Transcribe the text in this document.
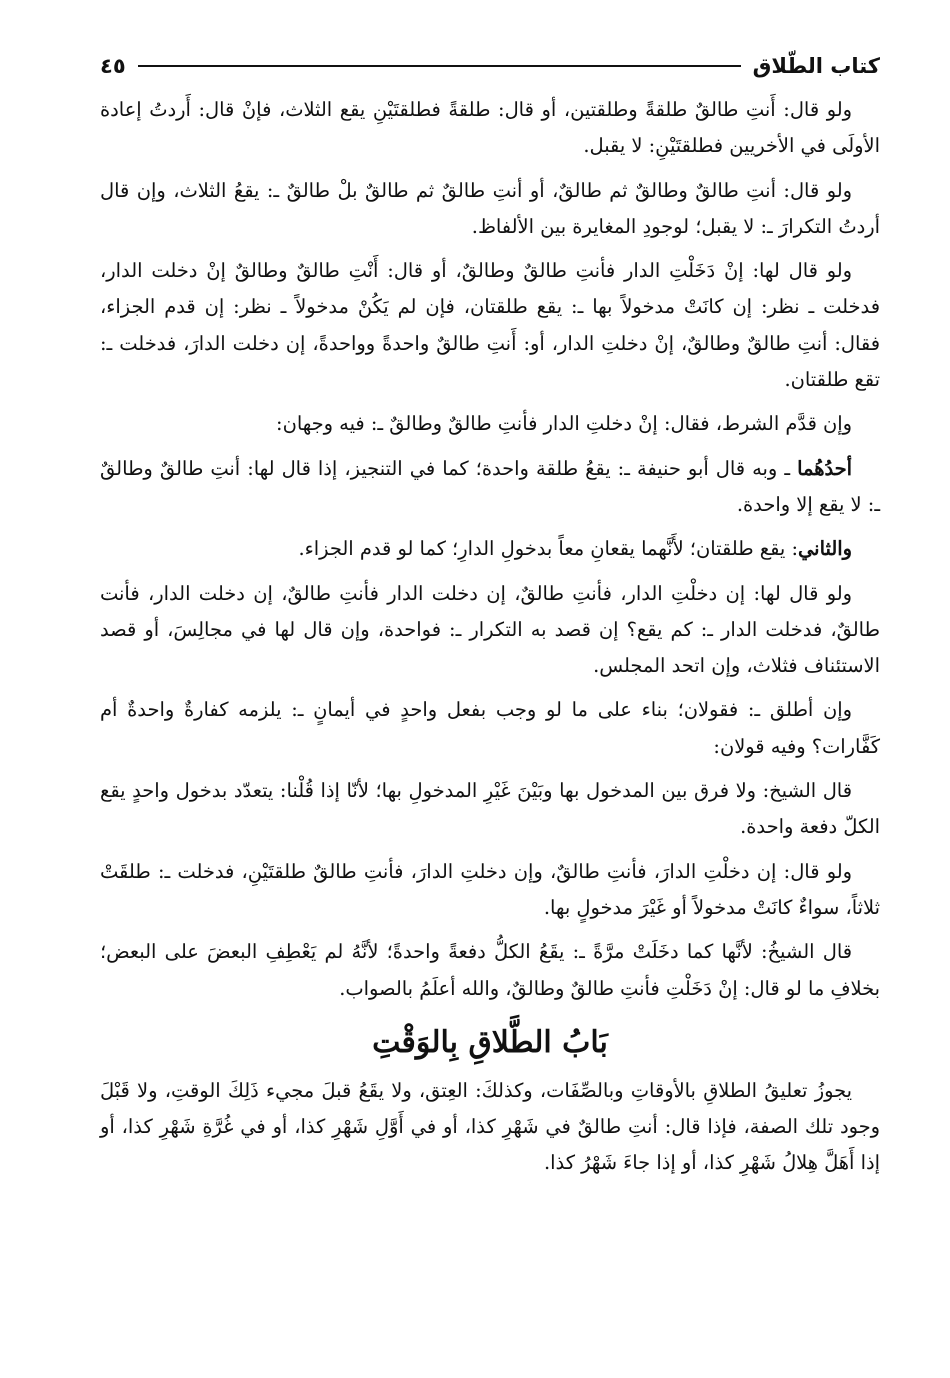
كتاب الطّلاق
٤٥

ولو قال: أَنتِ طالقٌ طلقةً وطلقتين، أو قال: طلقةً فطلقتَيْنِ يقع الثلاث، فإنْ قال: أَردتُ إعادة الأولَى في الأخريين فطلقتَيْنِ: لا يقبل.

ولو قال: أنتِ طالقٌ وطالقٌ ثم طالقٌ، أو أنتِ طالقٌ ثم طالقٌ بلْ طالقٌ ـ: يقعُ الثلاث، وإن قال أردتُ التكرارَ ـ: لا يقبل؛ لوجودِ المغايرة بين الألفاظ.

ولو قال لها: إنْ دَخَلْتِ الدار فأنتِ طالقٌ وطالقٌ، أو قال: أَنْتِ طالقٌ وطالقٌ إنْ دخلت الدار، فدخلت ـ نظر: إن كانَتْ مدخولاً بها ـ: يقع طلقتان، فإن لم يَكُنْ مدخولاً ـ نظر: إن قدم الجزاء، فقال: أنتِ طالقٌ وطالقٌ، إنْ دخلتِ الدار، أو: أَنتِ طالقٌ واحدةً وواحدةً، إن دخلت الدارَ، فدخلت ـ: تقع طلقتان.

وإن قدَّم الشرط، فقال: إنْ دخلتِ الدار فأنتِ طالقٌ وطالقٌ ـ: فيه وجهان:

أحدُهُما ـ وبه قال أبو حنيفة ـ: يقعُ طلقة واحدة؛ كما في التنجيز، إذا قال لها: أنتِ طالقٌ وطالقٌ ـ: لا يقع إلا واحدة.

والثاني: يقع طلقتان؛ لأَنَّهما يقعانِ معاً بدخولِ الدارِ؛ كما لو قدم الجزاء.

ولو قال لها: إن دخلْتِ الدار، فأنتِ طالقٌ، إن دخلت الدار فأنتِ طالقٌ، إن دخلت الدار، فأنت طالقٌ، فدخلت الدار ـ: كم يقع؟ إن قصد به التكرار ـ: فواحدة، وإن قال لها في مجالِسَ، أو قصد الاستئناف فثلاث، وإن اتحد المجلس.

وإن أطلق ـ: فقولان؛ بناء على ما لو وجب بفعل واحدٍ في أيمانٍ ـ: يلزمه كفارةٌ واحدةٌ أم كَفَّارات؟ وفيه قولان:

قال الشيخ: ولا فرق بين المدخول بها وبَيْنَ غَيْرِ المدخولِ بها؛ لأنّا إذا قُلْنا: يتعدّد بدخول واحدٍ يقع الكلّ دفعة واحدة.

ولو قال: إن دخلْتِ الدارَ، فأنتِ طالقٌ، وإن دخلتِ الدارَ، فأنتِ طالقٌ طلقتَيْنِ، فدخلت ـ: طلقَتْ ثلاثاً، سواءٌ كانَتْ مدخولاً أو غَيْرَ مدخولٍ بها.

قال الشيخُ: لأنَّها كما دخَلَتْ مرَّةً ـ: يقَعُ الكلُّ دفعةً واحدةً؛ لأنَّهُ لم يَعْطِفِ البعضَ على البعض؛ بخلافِ ما لو قال: إنْ دَخَلْتِ فأنتِ طالقٌ وطالقٌ، والله أعلَمُ بالصواب.

بَابُ الطَّلاقِ بِالوَقْتِ

يجوزُ تعليقُ الطلاقِ بالأوقاتِ وبالصِّفَات، وكذلكَ: العِتق، ولا يقَعُ قبلَ مجيء ذَلِكَ الوقتِ، ولا قَبْلَ وجود تلك الصفة، فإذا قال: أنتِ طالقٌ في شَهْرِ كذا، أو في أَوَّلِ شَهْرِ كذا، أو في غُرَّةِ شَهْرِ كذا، أو إذا أَهَلَّ هِلالُ شَهْرِ كذا، أو إذا جاءَ شَهْرُ كذا.
